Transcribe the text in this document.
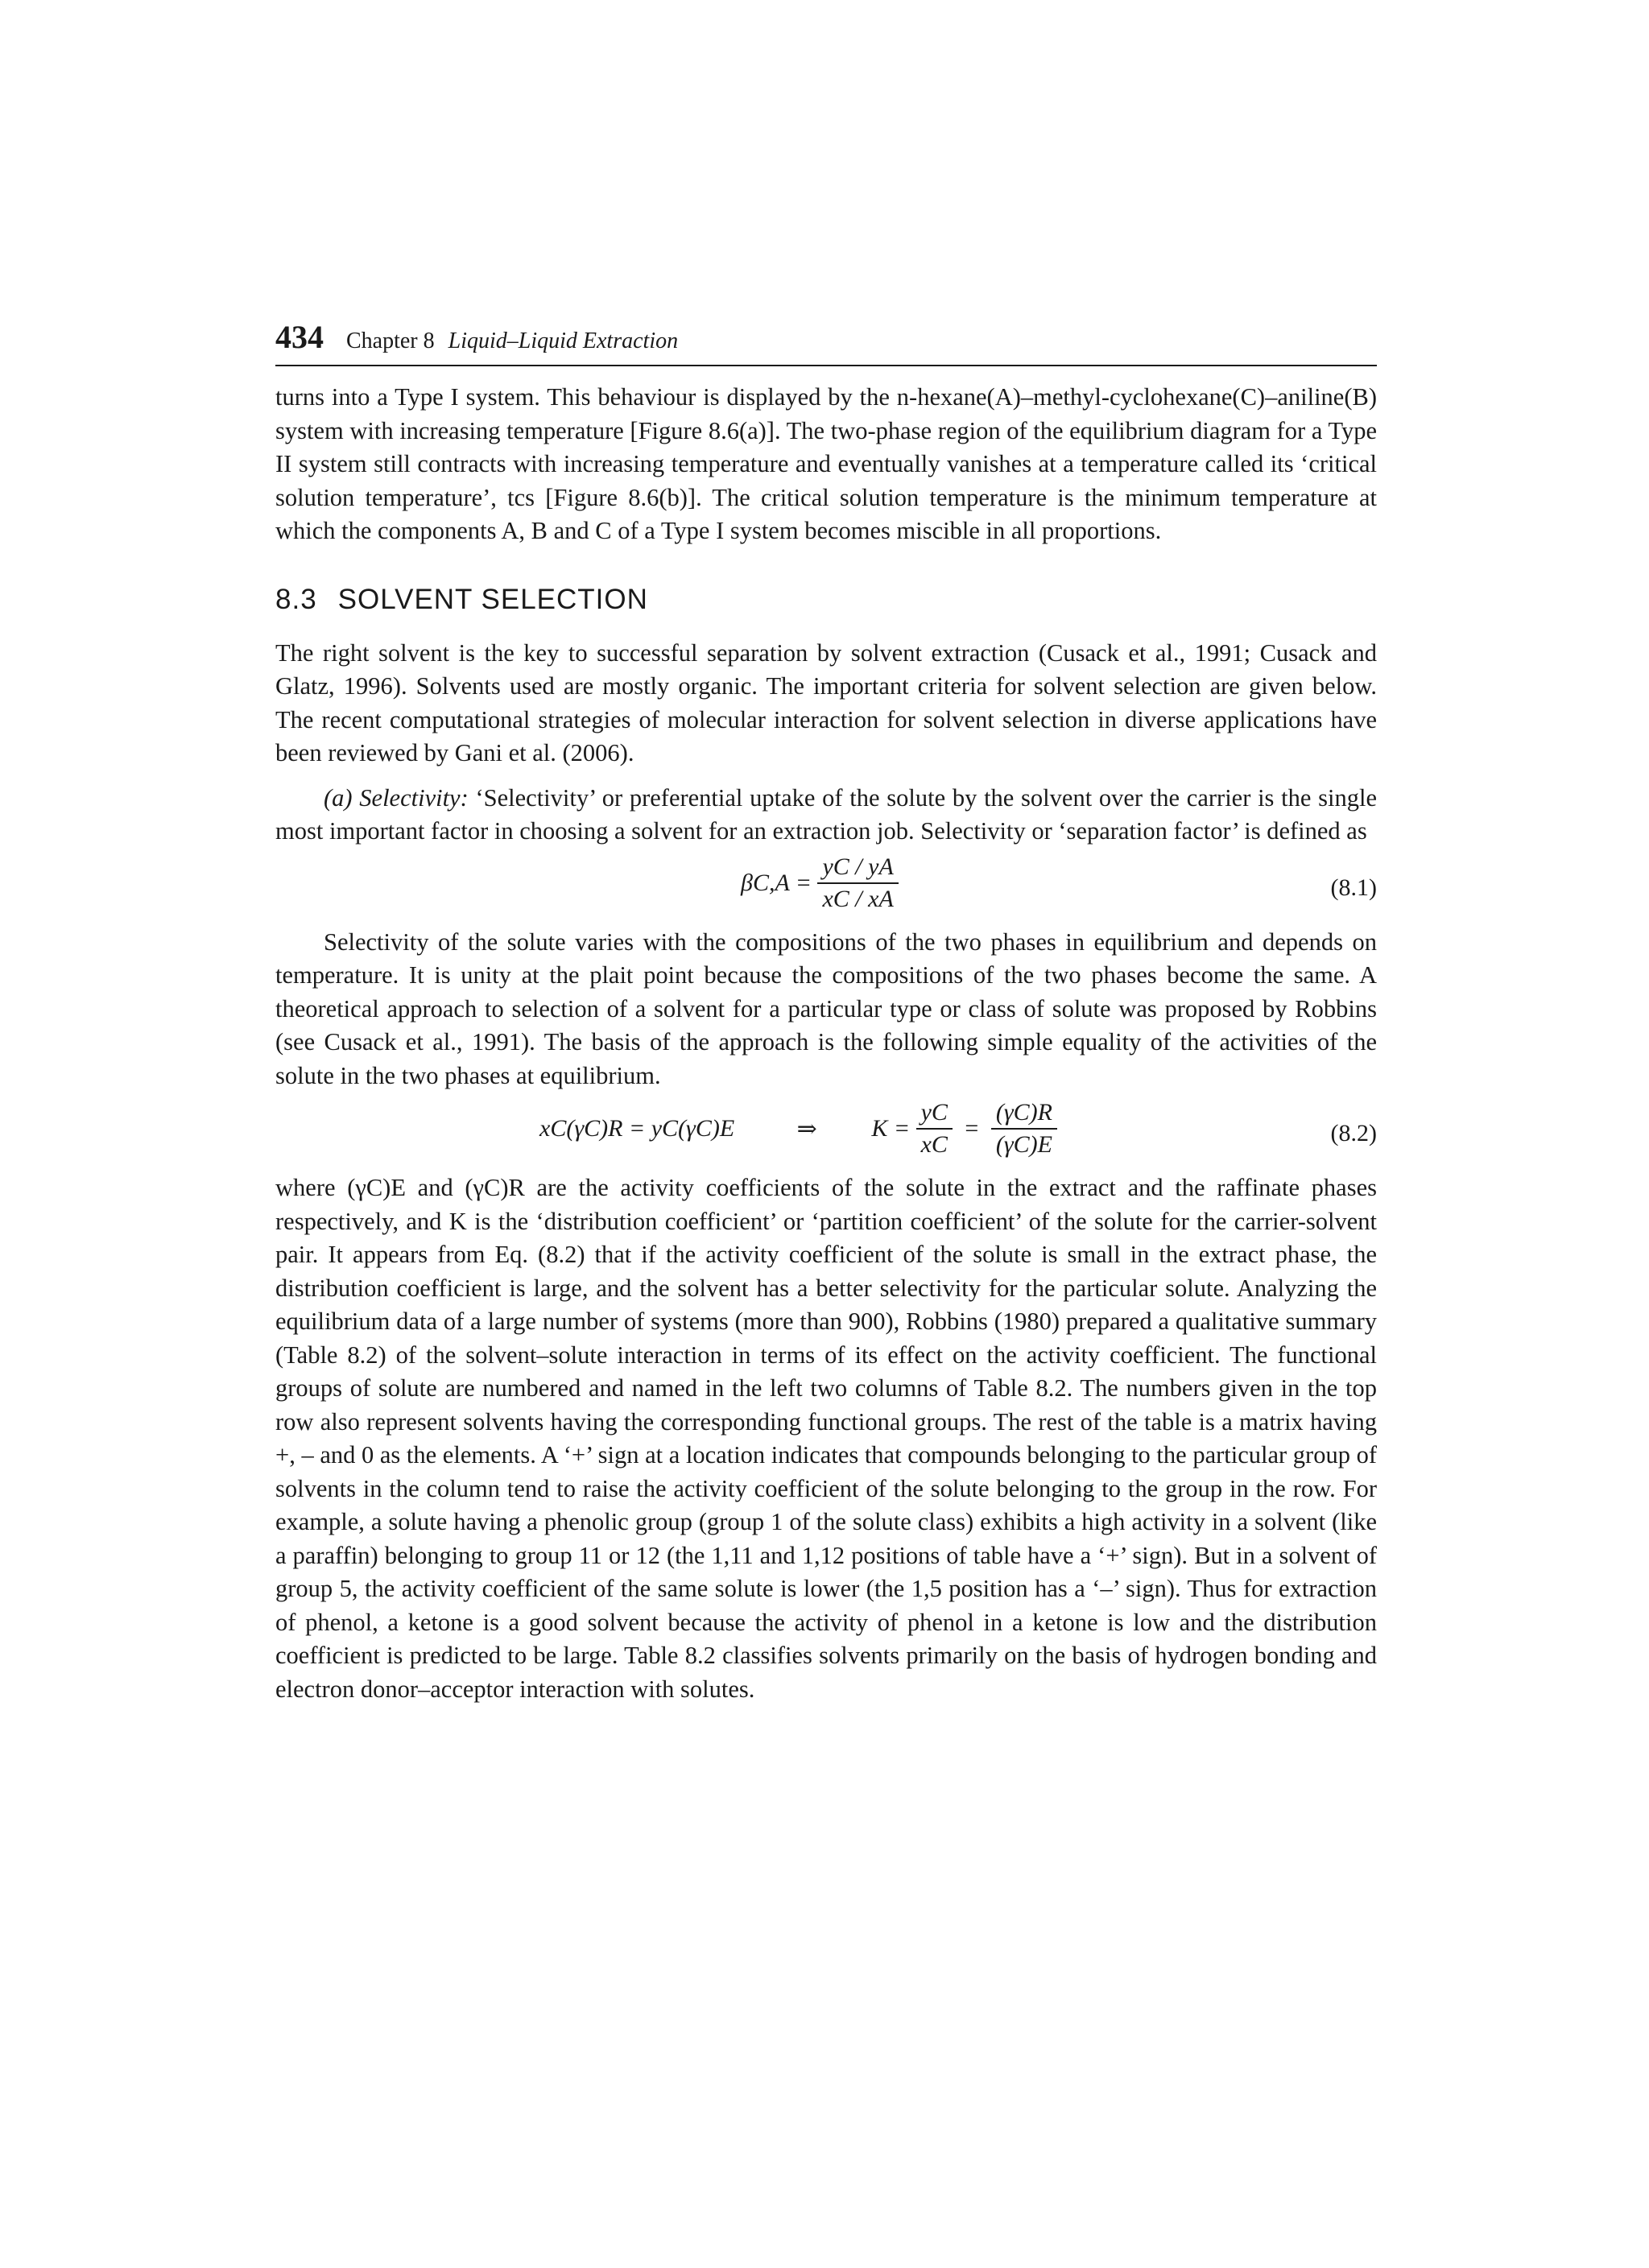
434 Chapter 8 Liquid–Liquid Extraction

turns into a Type I system. This behaviour is displayed by the n-hexane(A)–methyl-cyclohexane(C)–aniline(B) system with increasing temperature [Figure 8.6(a)]. The two-phase region of the equilibrium diagram for a Type II system still contracts with increasing temperature and eventually vanishes at a temperature called its ‘critical solution temperature’, tcs [Figure 8.6(b)]. The critical solution temperature is the minimum temperature at which the components A, B and C of a Type I system becomes miscible in all proportions.

8.3 SOLVENT SELECTION

The right solvent is the key to successful separation by solvent extraction (Cusack et al., 1991; Cusack and Glatz, 1996). Solvents used are mostly organic. The important criteria for solvent selection are given below. The recent computational strategies of molecular interaction for solvent selection in diverse applications have been reviewed by Gani et al. (2006).

(a) Selectivity: ‘Selectivity’ or preferential uptake of the solute by the solvent over the carrier is the single most important factor in choosing a solvent for an extraction job. Selectivity or ‘separation factor’ is defined as

$\beta C,A = \frac{yC / yA}{xC / xA}$	(8.1)

Selectivity of the solute varies with the compositions of the two phases in equilibrium and depends on temperature. It is unity at the plait point because the compositions of the two phases become the same. A theoretical approach to selection of a solvent for a particular type or class of solute was proposed by Robbins (see Cusack et al., 1991). The basis of the approach is the following simple equality of the activities of the solute in the two phases at equilibrium.

xC(γC)R = yC(γC)E	⇒ $K = \frac{yC}{xC} = \frac{(\gamma C)R}{(\gamma C)E}$	(8.2)

where (γC)E and (γC)R are the activity coefficients of the solute in the extract and the raffinate phases respectively, and K is the ‘distribution coefficient’ or ‘partition coefficient’ of the solute for the carrier-solvent pair. It appears from Eq. (8.2) that if the activity coefficient of the solute is small in the extract phase, the distribution coefficient is large, and the solvent has a better selectivity for the particular solute. Analyzing the equilibrium data of a large number of systems (more than 900), Robbins (1980) prepared a qualitative summary (Table 8.2) of the solvent–solute interaction in terms of its effect on the activity coefficient. The functional groups of solute are numbered and named in the left two columns of Table 8.2. The numbers given in the top row also represent solvents having the corresponding functional groups. The rest of the table is a matrix having +, – and 0 as the elements. A ‘+’ sign at a location indicates that compounds belonging to the particular group of solvents in the column tend to raise the activity coefficient of the solute belonging to the group in the row. For example, a solute having a phenolic group (group 1 of the solute class) exhibits a high activity in a solvent (like a paraffin) belonging to group 11 or 12 (the 1,11 and 1,12 positions of table have a ‘+’ sign). But in a solvent of group 5, the activity coefficient of the same solute is lower (the 1,5 position has a ‘–’ sign). Thus for extraction of phenol, a ketone is a good solvent because the activity of phenol in a ketone is low and the distribution coefficient is predicted to be large. Table 8.2 classifies solvents primarily on the basis of hydrogen bonding and electron donor–acceptor interaction with solutes.
